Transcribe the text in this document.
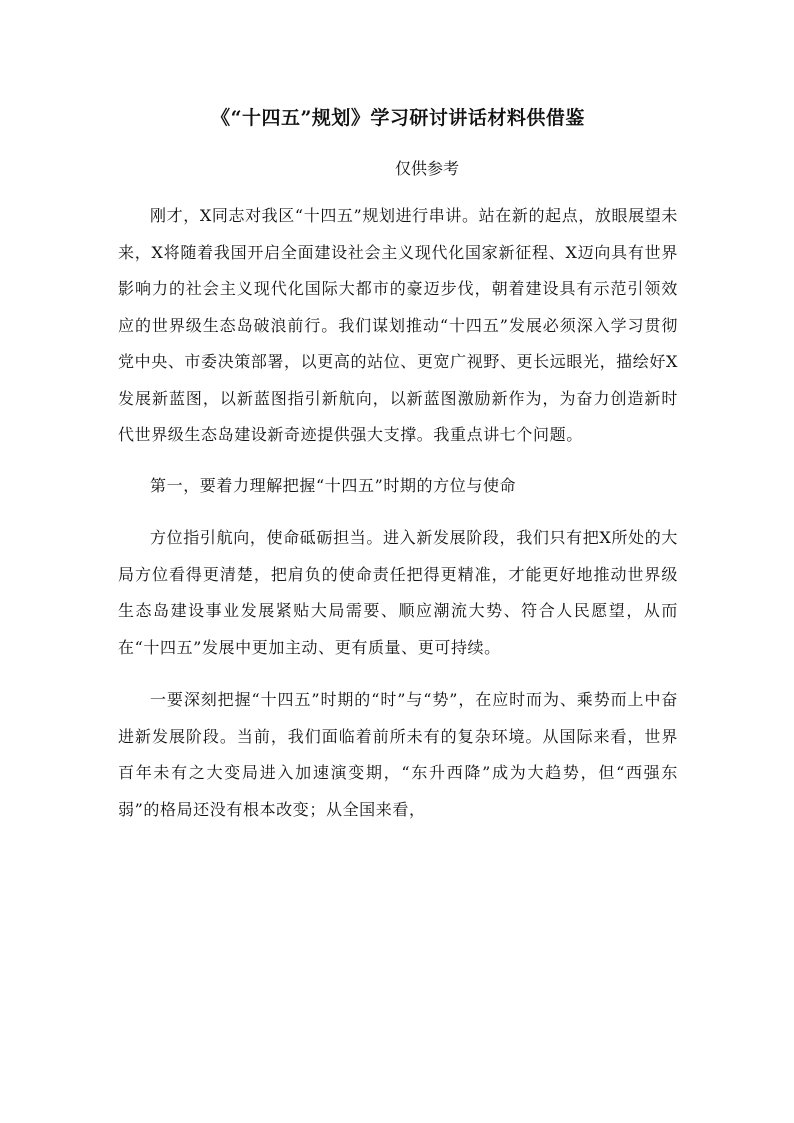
《“十四五”规划》学习研讨讲话材料供借鉴
仅供参考

刚才，X同志对我区“十四五”规划进行串讲。站在新的起点，放眼展望未来，X将随着我国开启全面建设社会主义现代化国家新征程、X迈向具有世界影响力的社会主义现代化国际大都市的豪迈步伐，朝着建设具有示范引领效应的世界级生态岛破浪前行。我们谋划推动“十四五”发展必须深入学习贯彻党中央、市委决策部署，以更高的站位、更宽广视野、更长远眼光，描绘好X发展新蓝图，以新蓝图指引新航向，以新蓝图激励新作为，为奋力创造新时代世界级生态岛建设新奇迹提供强大支撑。我重点讲七个问题。

第一，要着力理解把握“十四五”时期的方位与使命

方位指引航向，使命砥砺担当。进入新发展阶段，我们只有把X所处的大局方位看得更清楚，把肩负的使命责任把得更精准，才能更好地推动世界级生态岛建设事业发展紧贴大局需要、顺应潮流大势、符合人民愿望，从而在“十四五”发展中更加主动、更有质量、更可持续。

一要深刻把握“十四五”时期的“时”与“势”，在应时而为、乘势而上中奋进新发展阶段。当前，我们面临着前所未有的复杂环境。从国际来看，世界百年未有之大变局进入加速演变期，“东升西降”成为大趋势，但“西强东弱”的格局还没有根本改变；从全国来看，
